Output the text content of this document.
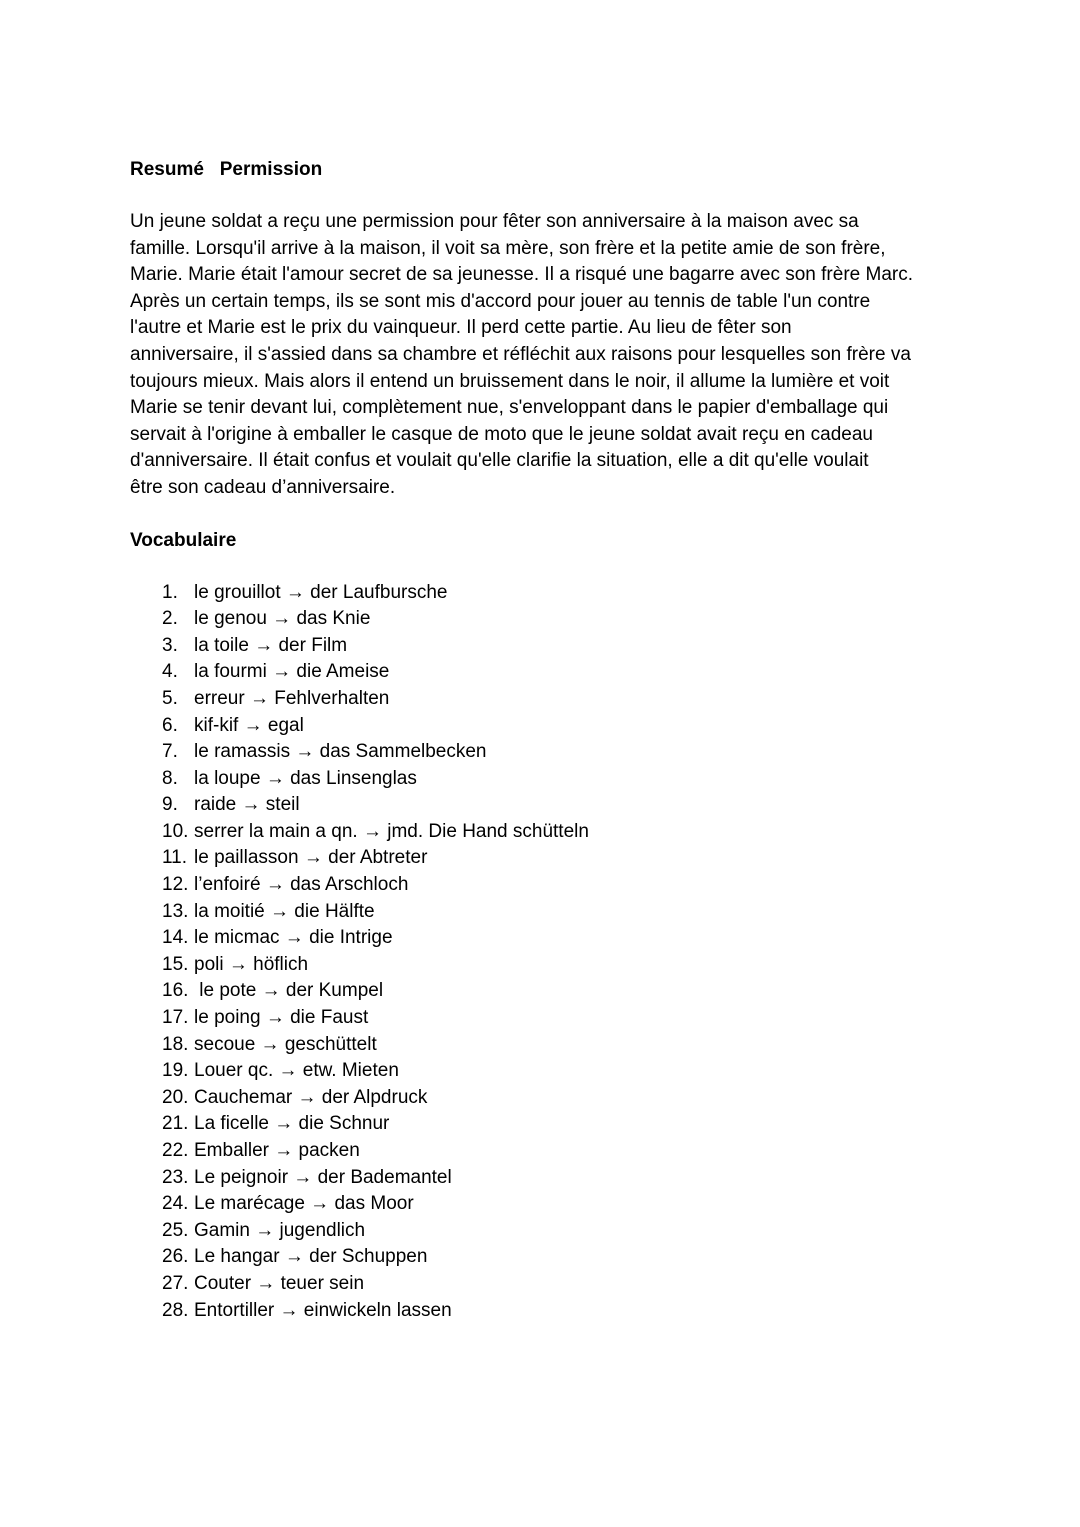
Resumé   Permission

Un jeune soldat a reçu une permission pour fêter son anniversaire à la maison avec sa
famille. Lorsqu'il arrive à la maison, il voit sa mère, son frère et la petite amie de son frère,
Marie. Marie était l'amour secret de sa jeunesse. Il a risqué une bagarre avec son frère Marc.
Après un certain temps, ils se sont mis d'accord pour jouer au tennis de table l'un contre
l'autre et Marie est le prix du vainqueur. Il perd cette partie. Au lieu de fêter son
anniversaire, il s'assied dans sa chambre et réfléchit aux raisons pour lesquelles son frère va
toujours mieux. Mais alors il entend un bruissement dans le noir, il allume la lumière et voit
Marie se tenir devant lui, complètement nue, s'enveloppant dans le papier d'emballage qui
servait à l'origine à emballer le casque de moto que le jeune soldat avait reçu en cadeau
d'anniversaire. Il était confus et voulait qu'elle clarifie la situation, elle a dit qu'elle voulait
être son cadeau d’anniversaire.

Vocabulaire
1. le grouillot → der Laufbursche
2. le genou → das Knie
3. la toile → der Film
4. la fourmi → die Ameise
5. erreur → Fehlverhalten
6. kif-kif → egal
7. le ramassis → das Sammelbecken
8. la loupe → das Linsenglas
9. raide → steil
10. serrer la main a qn. → jmd. Die Hand schütteln
11. le paillasson → der Abtreter
12. l’enfoiré → das Arschloch
13. la moitié → die Hälfte
14. le micmac → die Intrige
15. poli → höflich
16. le pote → der Kumpel
17. le poing → die Faust
18. secoue → geschüttelt
19. Louer qc. → etw. Mieten
20. Cauchemar → der Alpdruck
21. La ficelle → die Schnur
22. Emballer → packen
23. Le peignoir → der Bademantel
24. Le marécage → das Moor
25. Gamin → jugendlich
26. Le hangar → der Schuppen
27. Couter → teuer sein
28. Entortiller → einwickeln lassen
